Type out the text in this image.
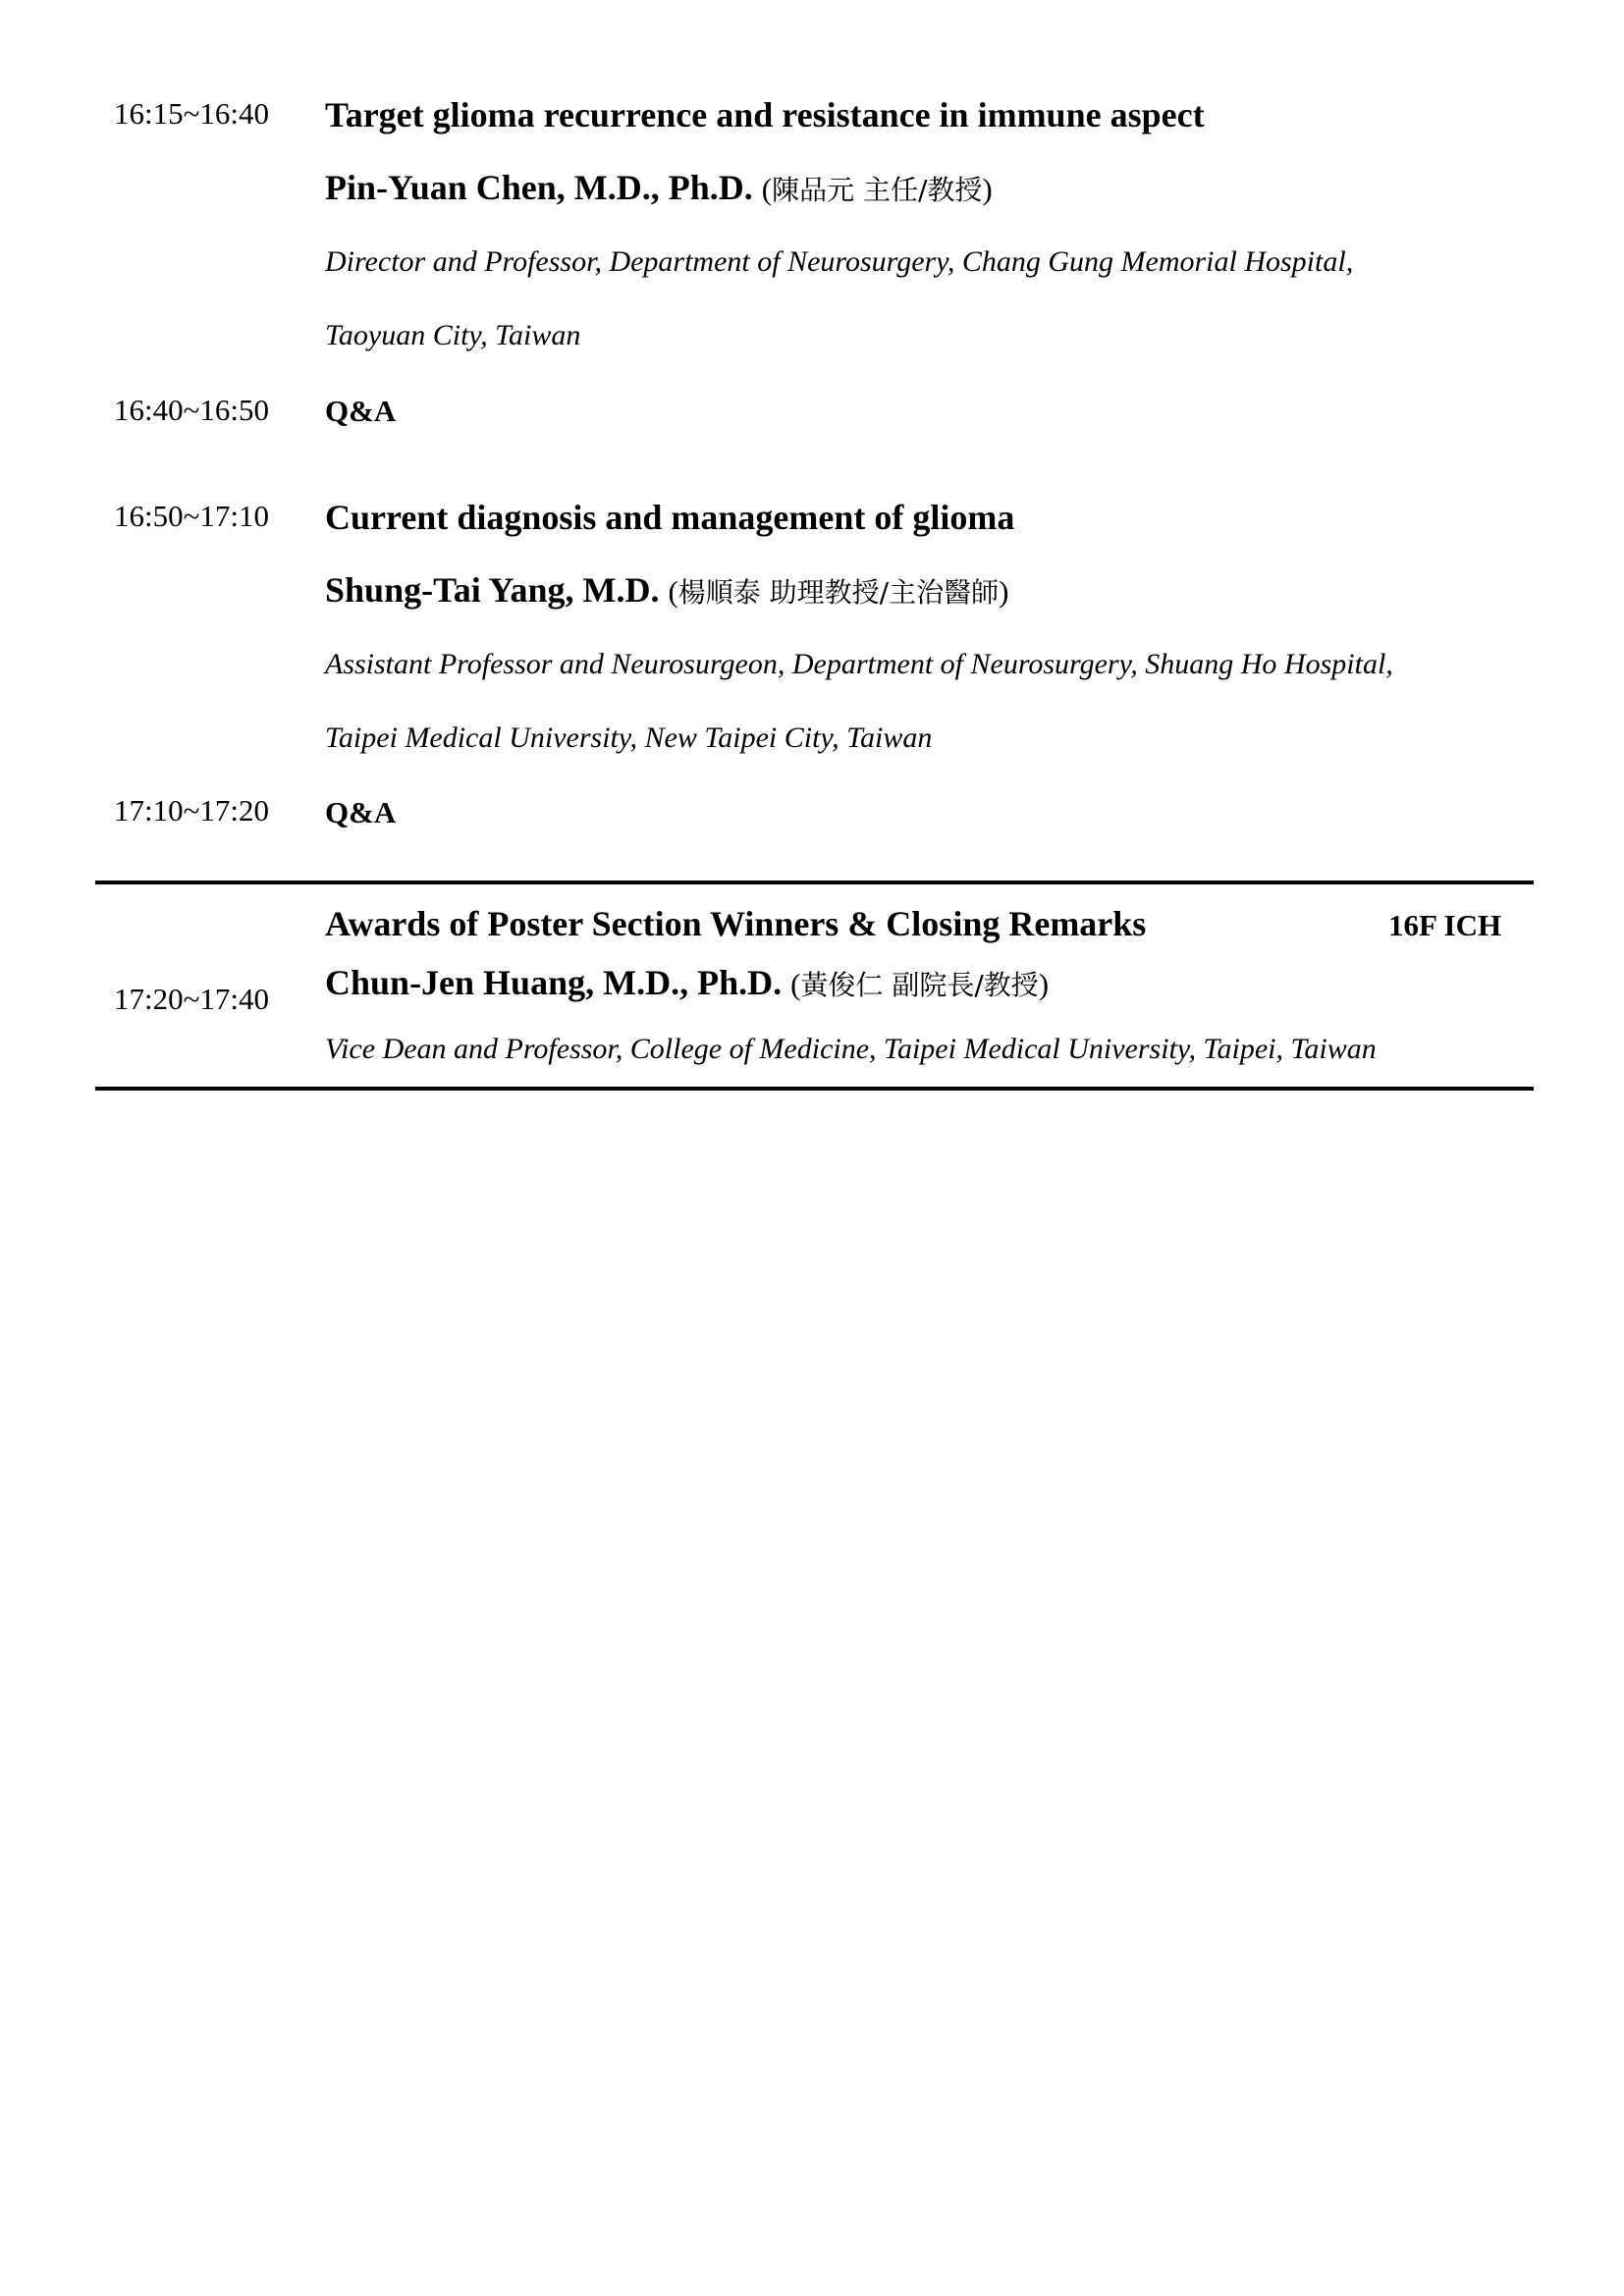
16:15~16:40 Target glioma recurrence and resistance in immune aspect
Pin-Yuan Chen, M.D., Ph.D. (陳品元 主任/教授)
Director and Professor, Department of Neurosurgery, Chang Gung Memorial Hospital,
Taoyuan City, Taiwan
16:40~16:50 Q&A
16:50~17:10 Current diagnosis and management of glioma
Shung-Tai Yang, M.D. (楊順泰 助理教授/主治醫師)
Assistant Professor and Neurosurgeon, Department of Neurosurgery, Shuang Ho Hospital,
Taipei Medical University, New Taipei City, Taiwan
17:10~17:20 Q&A
Awards of Poster Section Winners & Closing Remarks	16F ICH
17:20~17:40 Chun-Jen Huang, M.D., Ph.D. (黃俊仁 副院長/教授)
Vice Dean and Professor, College of Medicine, Taipei Medical University, Taipei, Taiwan
